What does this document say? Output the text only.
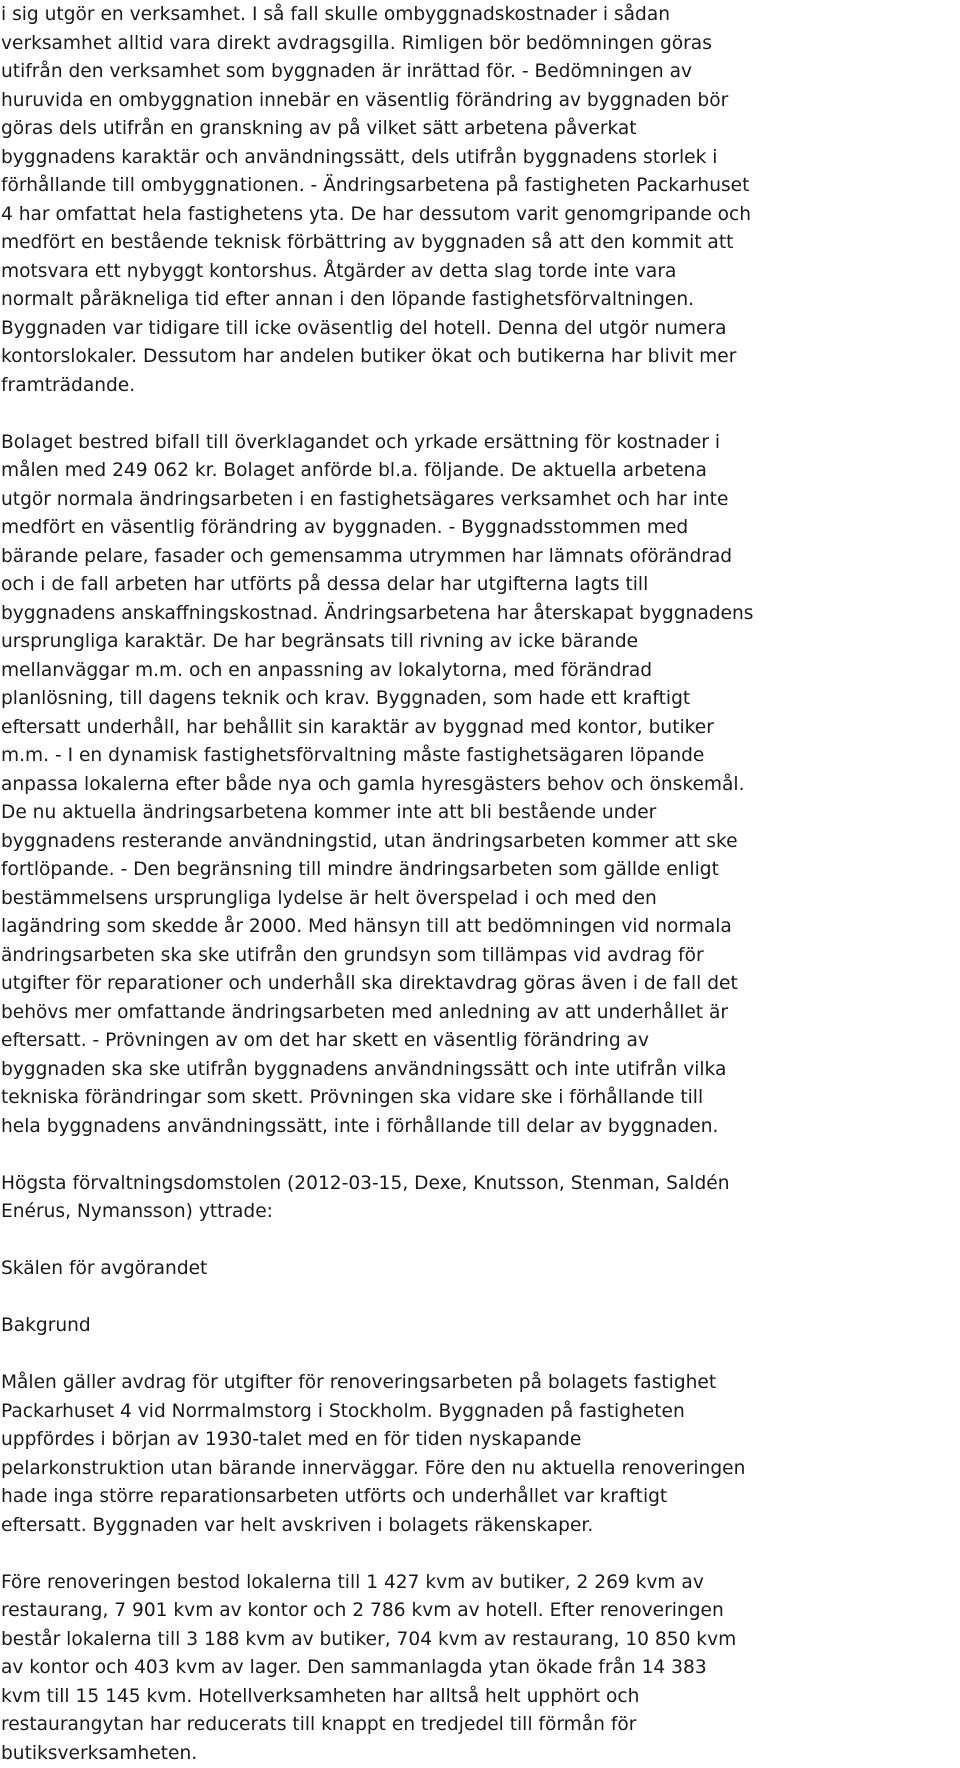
i sig utgör en verksamhet. I så fall skulle ombyggnadskostnader i sådan
verksamhet alltid vara direkt avdragsgilla. Rimligen bör bedömningen göras
utifrån den verksamhet som byggnaden är inrättad för. - Bedömningen av
huruvida en ombyggnation innebär en väsentlig förändring av byggnaden bör
göras dels utifrån en granskning av på vilket sätt arbetena påverkat
byggnadens karaktär och användningssätt, dels utifrån byggnadens storlek i
förhållande till ombyggnationen. - Ändringsarbetena på fastigheten Packarhuset
4 har omfattat hela fastighetens yta. De har dessutom varit genomgripande och
medfört en bestående teknisk förbättring av byggnaden så att den kommit att
motsvara ett nybyggt kontorshus. Åtgärder av detta slag torde inte vara
normalt påräkneliga tid efter annan i den löpande fastighetsförvaltningen.
Byggnaden var tidigare till icke oväsentlig del hotell. Denna del utgör numera
kontorslokaler. Dessutom har andelen butiker ökat och butikerna har blivit mer
framträdande.
Bolaget bestred bifall till överklagandet och yrkade ersättning för kostnader i
målen med 249 062 kr. Bolaget anförde bl.a. följande. De aktuella arbetena
utgör normala ändringsarbeten i en fastighetsägares verksamhet och har inte
medfört en väsentlig förändring av byggnaden. - Byggnadsstommen med
bärande pelare, fasader och gemensamma utrymmen har lämnats oförändrad
och i de fall arbeten har utförts på dessa delar har utgifterna lagts till
byggnadens anskaffningskostnad. Ändringsarbetena har återskapat byggnadens
ursprungliga karaktär. De har begränsats till rivning av icke bärande
mellanväggar m.m. och en anpassning av lokalytorna, med förändrad
planlösning, till dagens teknik och krav. Byggnaden, som hade ett kraftigt
eftersatt underhåll, har behållit sin karaktär av byggnad med kontor, butiker
m.m. - I en dynamisk fastighetsförvaltning måste fastighetsägaren löpande
anpassa lokalerna efter både nya och gamla hyresgästers behov och önskemål.
De nu aktuella ändringsarbetena kommer inte att bli bestående under
byggnadens resterande användningstid, utan ändringsarbeten kommer att ske
fortlöpande. - Den begränsning till mindre ändringsarbeten som gällde enligt
bestämmelsens ursprungliga lydelse är helt överspelad i och med den
lagändring som skedde år 2000. Med hänsyn till att bedömningen vid normala
ändringsarbeten ska ske utifrån den grundsyn som tillämpas vid avdrag för
utgifter för reparationer och underhåll ska direktavdrag göras även i de fall det
behövs mer omfattande ändringsarbeten med anledning av att underhållet är
eftersatt. - Prövningen av om det har skett en väsentlig förändring av
byggnaden ska ske utifrån byggnadens användningssätt och inte utifrån vilka
tekniska förändringar som skett. Prövningen ska vidare ske i förhållande till
hela byggnadens användningssätt, inte i förhållande till delar av byggnaden.
Högsta förvaltningsdomstolen (2012-03-15, Dexe, Knutsson, Stenman, Saldén
Enérus, Nymansson) yttrade:
Skälen för avgörandet
Bakgrund
Målen gäller avdrag för utgifter för renoveringsarbeten på bolagets fastighet
Packarhuset 4 vid Norrmalmstorg i Stockholm. Byggnaden på fastigheten
uppfördes i början av 1930-talet med en för tiden nyskapande
pelarkonstruktion utan bärande innerväggar. Före den nu aktuella renoveringen
hade inga större reparationsarbeten utförts och underhållet var kraftigt
eftersatt. Byggnaden var helt avskriven i bolagets räkenskaper.
Före renoveringen bestod lokalerna till 1 427 kvm av butiker, 2 269 kvm av
restaurang, 7 901 kvm av kontor och 2 786 kvm av hotell. Efter renoveringen
består lokalerna till 3 188 kvm av butiker, 704 kvm av restaurang, 10 850 kvm
av kontor och 403 kvm av lager. Den sammanlagda ytan ökade från 14 383
kvm till 15 145 kvm. Hotellverksamheten har alltså helt upphört och
restaurangytan har reducerats till knappt en tredjedel till förmån för
butiksverksamheten.
